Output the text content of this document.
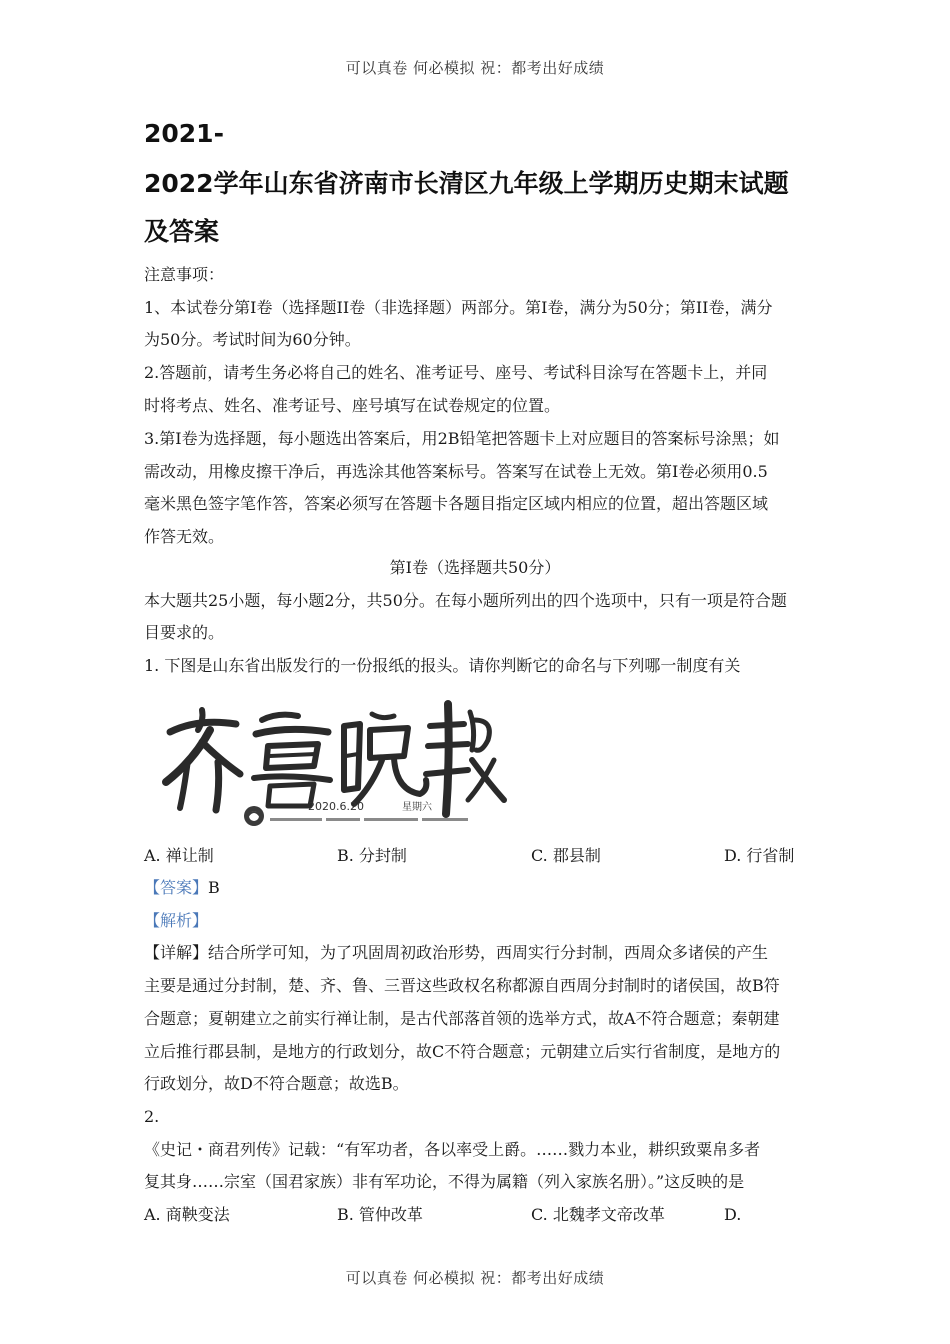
可以真卷 何必模拟 祝：都考出好成绩
2021-
2022学年山东省济南市长清区九年级上学期历史期末试题
及答案
注意事项：
1、本试卷分第I卷（选择题II卷（非选择题）两部分。第I卷，满分为50分；第II卷，满分
为50分。考试时间为60分钟。
2.答题前，请考生务必将自己的姓名、准考证号、座号、考试科目涂写在答题卡上，并同
时将考点、姓名、准考证号、座号填写在试卷规定的位置。
3.第I卷为选择题，每小题选出答案后，用2B铅笔把答题卡上对应题目的答案标号涂黑；如
需改动，用橡皮擦干净后，再选涂其他答案标号。答案写在试卷上无效。第I卷必须用0.5
毫米黑色签字笔作答，答案必须写在答题卡各题目指定区域内相应的位置，超出答题区域
作答无效。
第I卷（选择题共50分）
本大题共25小题，每小题2分，共50分。在每小题所列出的四个选项中，只有一项是符合题
目要求的。
1. 下图是山东省出版发行的一份报纸的报头。请你判断它的命名与下列哪一制度有关
2020.6.20	星期六
A. 禅让制	B. 分封制	C. 郡县制	D. 行省制
【答案】B
【解析】
【详解】结合所学可知，为了巩固周初政治形势，西周实行分封制，西周众多诸侯的产生
主要是通过分封制，楚、齐、鲁、三晋这些政权名称都源自西周分封制时的诸侯国，故B符
合题意；夏朝建立之前实行禅让制，是古代部落首领的选举方式，故A不符合题意；秦朝建
立后推行郡县制，是地方的行政划分，故C不符合题意；元朝建立后实行省制度，是地方的
行政划分，故D不符合题意；故选B。
2.
《史记・商君列传》记载：“有军功者，各以率受上爵。……戮力本业，耕织致粟帛多者
复其身……宗室（国君家族）非有军功论，不得为属籍（列入家族名册）。”这反映的是
A. 商鞅变法	B. 管仲改革	C. 北魏孝文帝改革	D.
可以真卷 何必模拟 祝：都考出好成绩
